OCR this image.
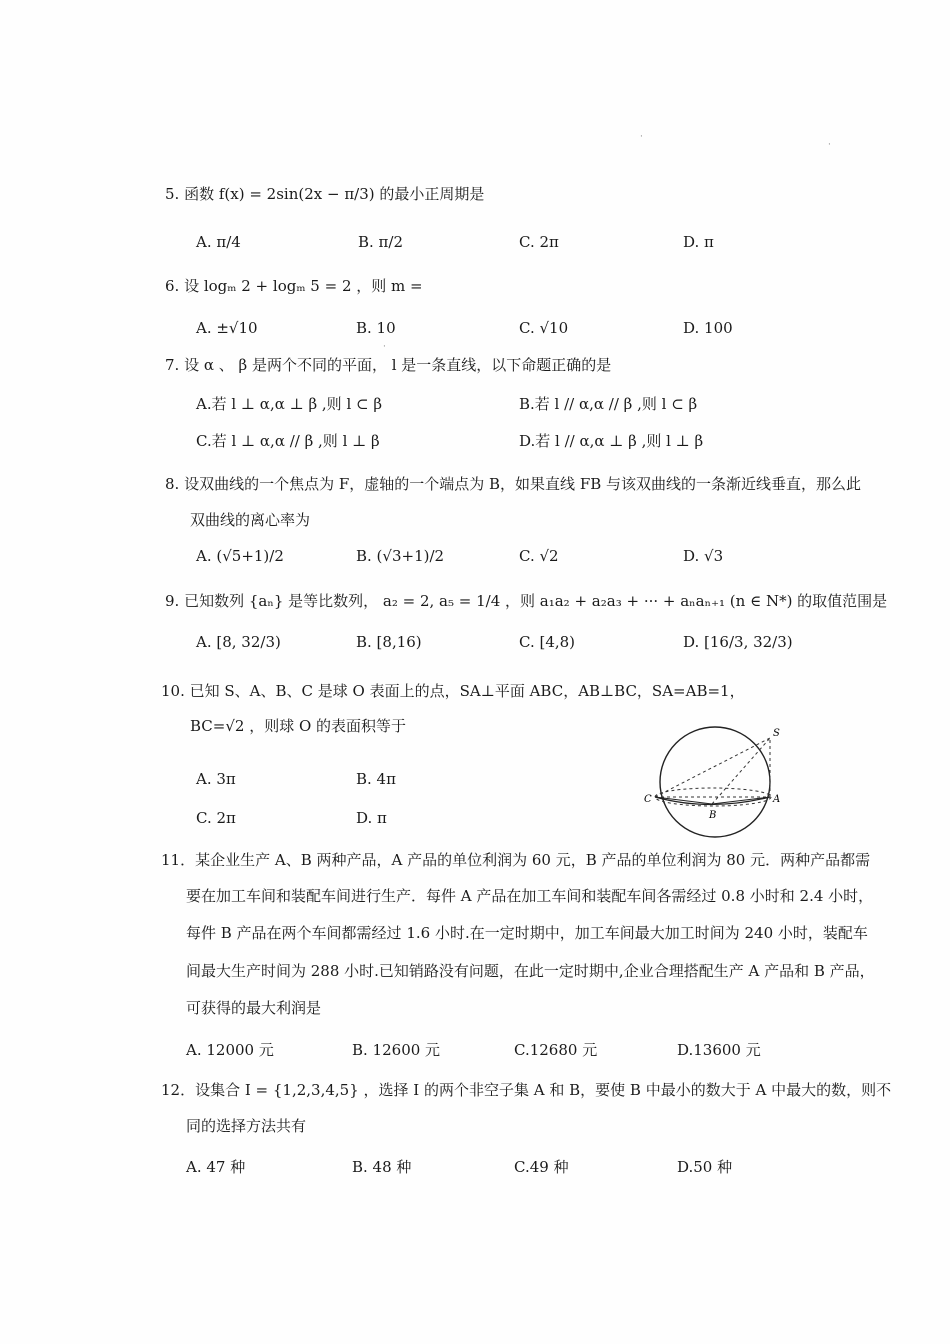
5. 函数 f(x) = 2sin(2x − π/3) 的最小正周期是
A. π/4	B. π/2	C. 2π	D. π
6. 设 logₘ 2 + logₘ 5 = 2 ，则 m =
A. ±√10	B. 10	C. √10	D. 100
7. 设 α 、 β 是两个不同的平面， l 是一条直线，以下命题正确的是
A.若 l ⊥ α,α ⊥ β ,则 l ⊂ β	B.若 l // α,α // β ,则 l ⊂ β
C.若 l ⊥ α,α // β ,则 l ⊥ β	D.若 l // α,α ⊥ β ,则 l ⊥ β
8. 设双曲线的一个焦点为 F，虚轴的一个端点为 B，如果直线 FB 与该双曲线的一条渐近线垂直，那么此
双曲线的离心率为
A. (√5+1)/2	B. (√3+1)/2	C. √2	D. √3
9. 已知数列 {aₙ} 是等比数列， a₂ = 2, a₅ = 1/4 ，则 a₁a₂ + a₂a₃ + ··· + aₙaₙ₊₁ (n ∈ N*) 的取值范围是
A. [8, 32/3)	B. [8,16)	C. [4,8)	D. [16/3, 32/3)
10. 已知 S、A、B、C 是球 O 表面上的点，SA⊥平面 ABC，AB⊥BC，SA=AB=1，
BC=√2 ，则球 O 的表面积等于
A. 3π	B. 4π
C. 2π	D. π
S
C	A
B
11．某企业生产 A、B 两种产品，A 产品的单位利润为 60 元，B 产品的单位利润为 80 元．两种产品都需
要在加工车间和装配车间进行生产．每件 A 产品在加工车间和装配车间各需经过 0.8 小时和 2.4 小时，
每件 B 产品在两个车间都需经过 1.6 小时.在一定时期中，加工车间最大加工时间为 240 小时，装配车
间最大生产时间为 288 小时.已知销路没有问题，在此一定时期中,企业合理搭配生产 A 产品和 B 产品，
可获得的最大利润是
A. 12000 元	B. 12600 元	C.12680 元	D.13600 元
12．设集合 I = {1,2,3,4,5} ，选择 I 的两个非空子集 A 和 B，要使 B 中最小的数大于 A 中最大的数，则不
同的选择方法共有
A. 47 种	B. 48 种	C.49 种	D.50 种
·
·
·
